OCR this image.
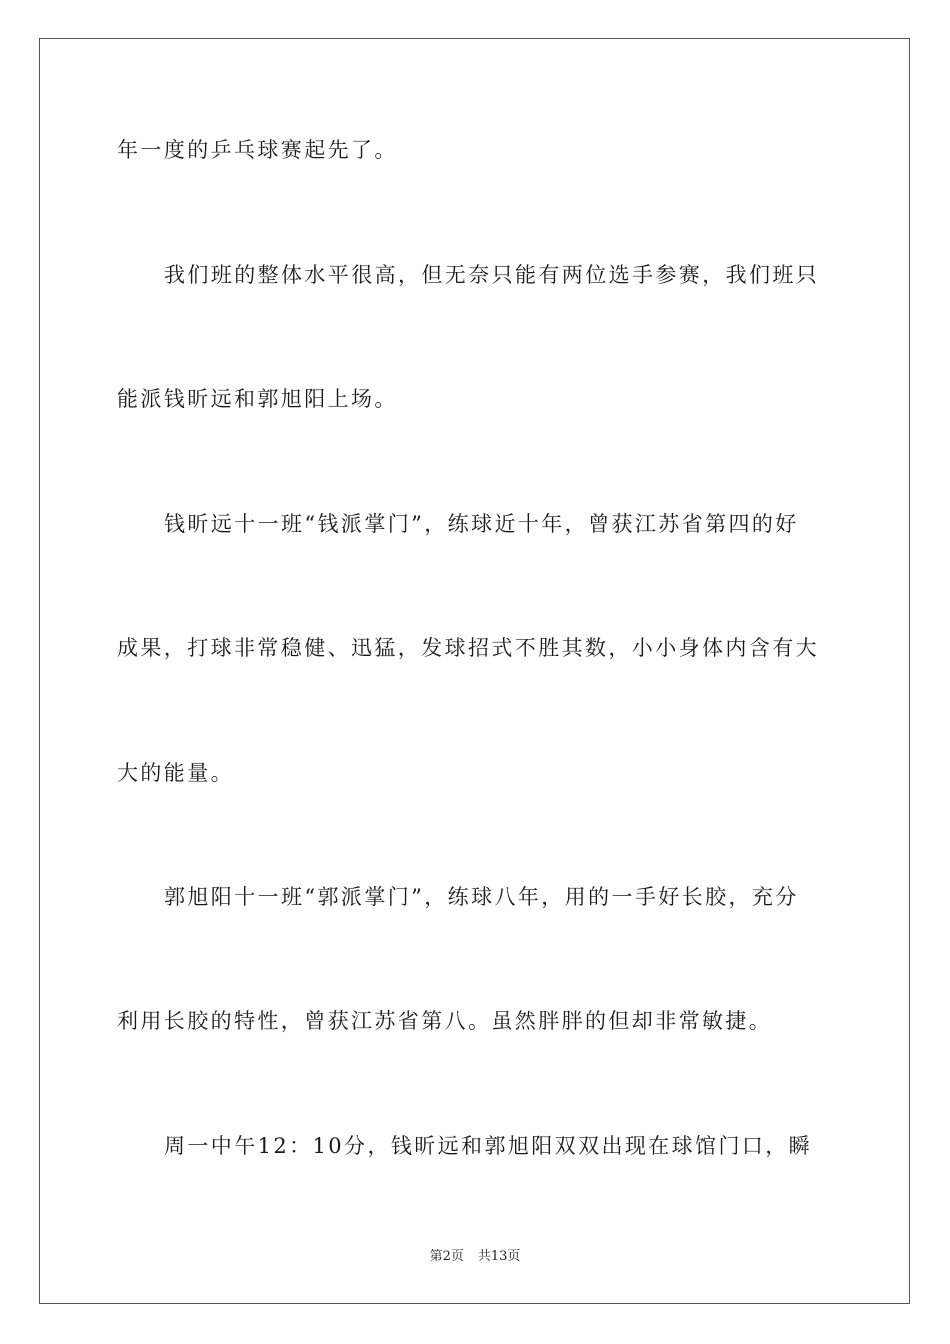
年一度的乒乓球赛起先了。
我们班的整体水平很高，但无奈只能有两位选手参赛，我们班只
能派钱昕远和郭旭阳上场。
钱昕远十一班“钱派掌门”，练球近十年，曾获江苏省第四的好
成果，打球非常稳健、迅猛，发球招式不胜其数，小小身体内含有大
大的能量。
郭旭阳十一班“郭派掌门”，练球八年，用的一手好长胶，充分
利用长胶的特性，曾获江苏省第八。虽然胖胖的但却非常敏捷。
周一中午12：10分，钱昕远和郭旭阳双双出现在球馆门口，瞬
第2页 共13页
